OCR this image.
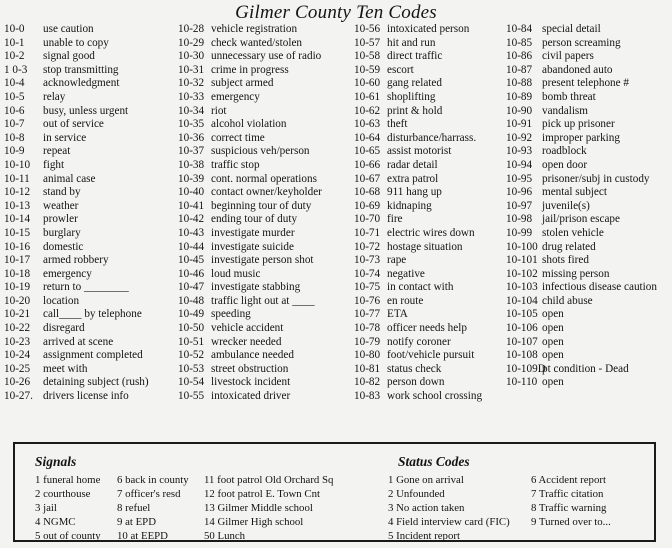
Gilmer County Ten Codes
10-0 use caution
10-1 unable to copy
10-2 signal good
1 0-3 stop transmitting
10-4 acknowledgment
10-5 relay
10-6 busy, unless urgent
10-7 out of service
10-8 in service
10-9 repeat
10-10 fight
10-11 animal case
10-12 stand by
10-13 weather
10-14 prowler
10-15 burglary
10-16 domestic
10-17 armed robbery
10-18 emergency
10-19 return to ________
10-20 location
10-21 call____ by telephone
10-22 disregard
10-23 arrived at scene
10-24 assignment completed
10-25 meet with
10-26 detaining subject (rush)
10-27. drivers license info
10-28 vehicle registration
10-29 check wanted/stolen
10-30 unnecessary use of radio
10-31 crime in progress
10-32 subject armed
10-33 emergency
10-34 riot
10-35 alcohol violation
10-36 correct time
10-37 suspicious veh/person
10-38 traffic stop
10-39 cont. normal operations
10-40 contact owner/keyholder
10-41 beginning tour of duty
10-42 ending tour of duty
10-43 investigate murder
10-44 investigate suicide
10-45 investigate person shot
10-46 loud music
10-47 investigate stabbing
10-48 traffic light out at ____
10-49 speeding
10-50 vehicle accident
10-51 wrecker needed
10-52 ambulance needed
10-53 street obstruction
10-54 livestock incident
10-55 intoxicated driver
10-56 intoxicated person
10-57 hit and run
10-58 direct traffic
10-59 escort
10-60 gang related
10-61 shoplifting
10-62 print & hold
10-63 theft
10-64 disturbance/harrass.
10-65 assist motorist
10-66 radar detail
10-67 extra patrol
10-68 911 hang up
10-69 kidnaping
10-70 fire
10-71 electric wires down
10-72 hostage situation
10-73 rape
10-74 negative
10-75 in contact with
10-76 en route
10-77 ETA
10-78 officer needs help
10-79 notify coroner
10-80 foot/vehicle pursuit
10-81 status check
10-82 person down
10-83 work school crossing
10-84 special detail
10-85 person screaming
10-86 civil papers
10-87 abandoned auto
10-88 present telephone #
10-89 bomb threat
10-90 vandalism
10-91 pick up prisoner
10-92 improper parking
10-93 roadblock
10-94 open door
10-95 prisoner/subj in custody
10-96 mental subject
10-97 juvenile(s)
10-98 jail/prison escape
10-99 stolen vehicle
10-100 drug related
10-101 shots fired
10-102 missing person
10-103 infectious disease caution
10-104 child abuse
10-105 open
10-106 open
10-107 open
10-108 open
10-109Dpt condition - Dead
10-110 open
Signals	Status Codes
1 funeral home
2 courthouse
3 jail
4 NGMC
5 out of county
6 back in county
7 officer's resd
8 refuel
9 at EPD
10 at EEPD
11 foot patrol Old Orchard Sq
12 foot patrol E. Town Cnt
13 Gilmer Middle school
14 Gilmer High school
50 Lunch
1 Gone on arrival
2 Unfounded
3 No action taken
4 Field interview card (FIC)
5 Incident report
6 Accident report
7 Traffic citation
8 Traffic warning
9 Turned over to...
